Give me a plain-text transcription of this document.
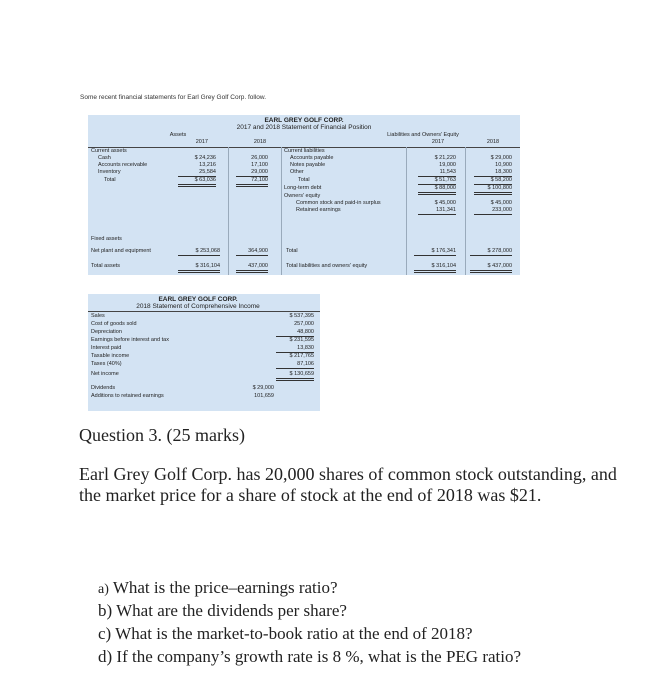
Some recent financial statements for Earl Grey Golf Corp. follow.
EARL GREY GOLF CORP.
2017 and 2018 Statement of Financial Position
Assets	Liabilities and Owners' Equity
2017	2018	2017	2018
Current assets
Cash	$ 24,236	26,000
Accounts receivable	13,216	17,100
Inventory	25,584	29,000
Total	$ 63,036	72,100
Current liabilities
Accounts payable	$ 21,220	$ 29,000
Notes payable	19,000	10,900
Other	11,543	18,300
Total	$ 51,763	$ 58,200
Long-term debt	$ 88,000	$ 100,800
Owners' equity
Common stock and paid-in surplus	$ 45,000	$ 45,000
Retained earnings	131,341	233,000
Fixed assets
Net plant and equipment	$ 253,068	364,900	Total	$ 176,341	$ 278,000
Total assets	$ 316,104	437,000	Total liabilities and owners' equity	$ 316,104	$ 437,000
EARL GREY GOLF CORP.
2018 Statement of Comprehensive Income
Sales	$ 537,395
Cost of goods sold	257,000
Depreciation	48,800
Earnings before interest and tax	$ 231,595
Interest paid	13,830
Taxable income	$ 217,765
Taxes (40%)	87,106
Net income	$ 130,659
Dividends	$ 29,000
Additions to retained earnings	101,659
Question 3. (25 marks)
Earl Grey Golf Corp. has 20,000 shares of common stock outstanding, and the market price for a share of stock at the end of 2018 was $21.
a) What is the price–earnings ratio?
b) What are the dividends per share?
c) What is the market-to-book ratio at the end of 2018?
d) If the company’s growth rate is 8 %, what is the PEG ratio?
